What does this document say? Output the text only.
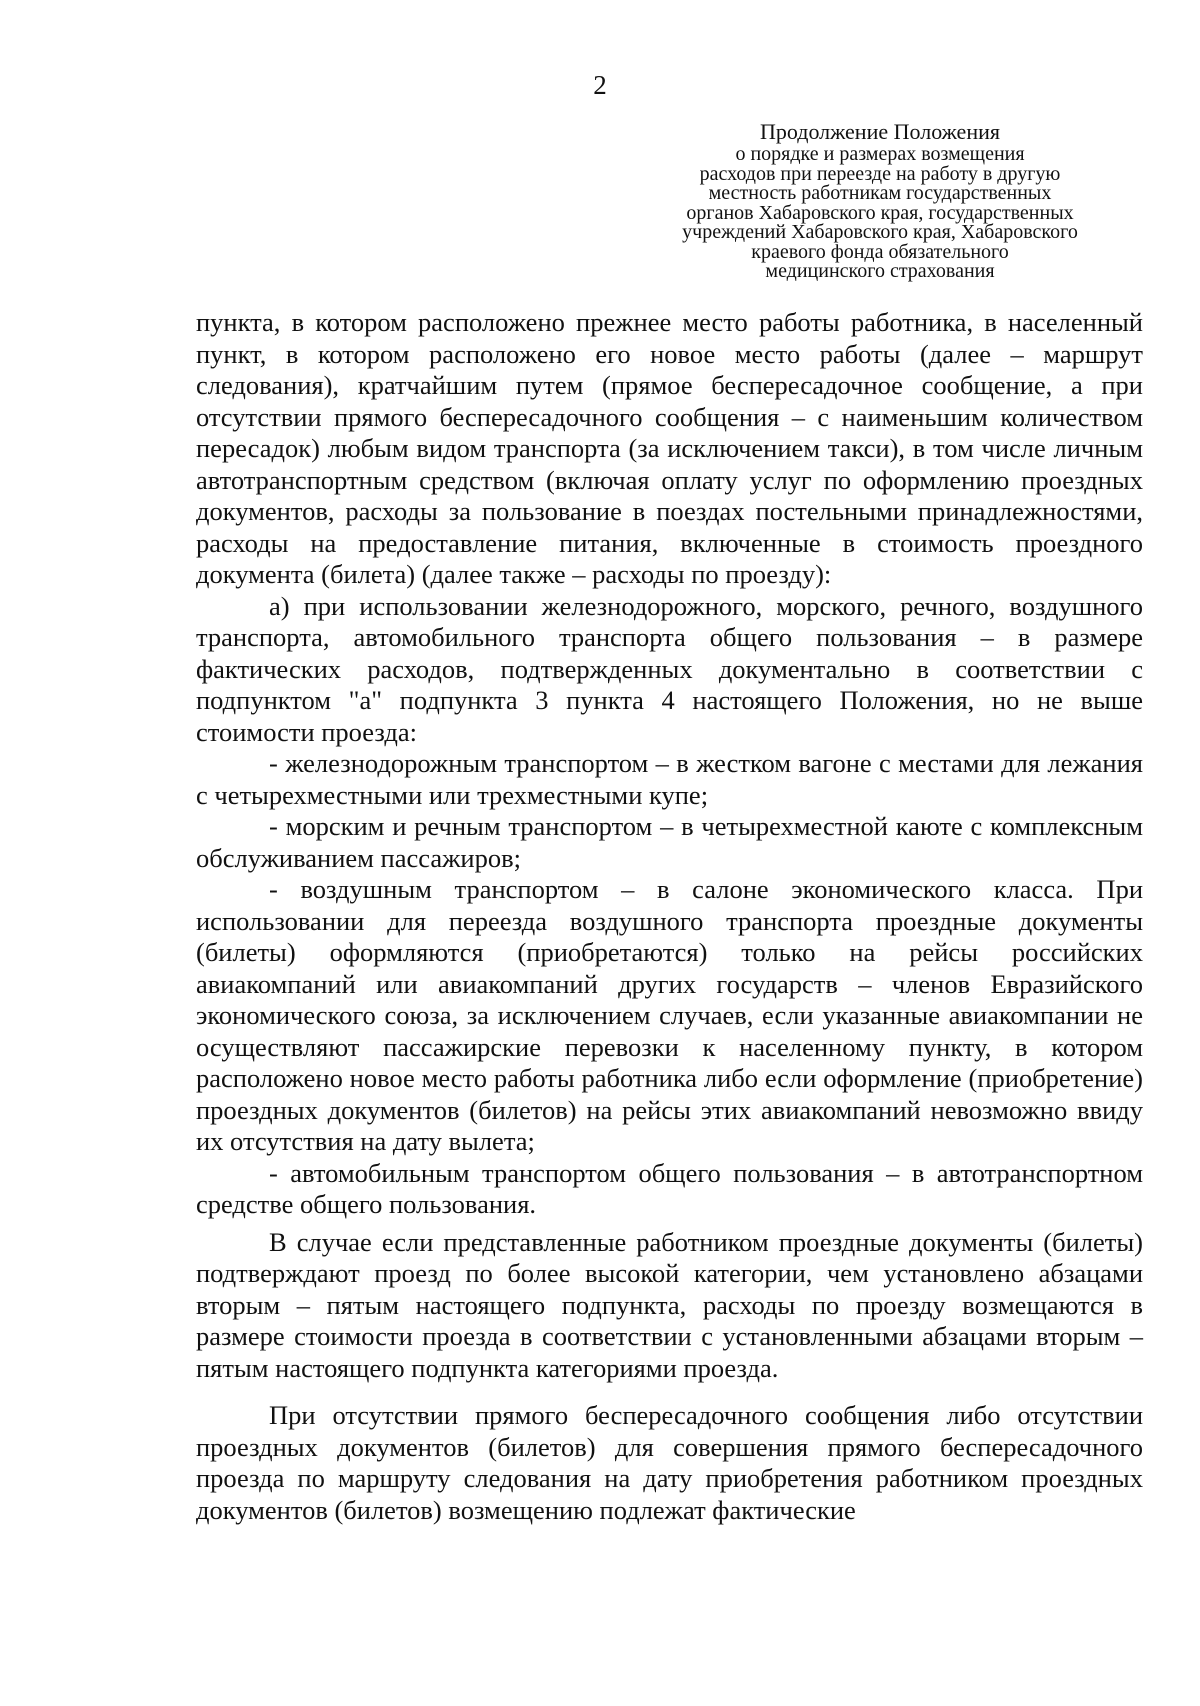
2
Продолжение Положения
о порядке и размерах возмещения
расходов при переезде на работу в другую
местность работникам государственных
органов Хабаровского края, государственных
учреждений Хабаровского края, Хабаровского
краевого фонда обязательного
медицинского страхования

пункта, в котором расположено прежнее место работы работника, в населенный пункт, в котором расположено его новое место работы (далее – маршрут следования), кратчайшим путем (прямое беспересадочное сообщение, а при отсутствии прямого беспересадочного сообщения – с наименьшим количеством пересадок) любым видом транспорта (за исключением такси), в том числе личным автотранспортным средством (включая оплату услуг по оформлению проездных документов, расходы за пользование в поездах постельными принадлежностями, расходы на предоставление питания, включенные в стоимость проездного документа (билета) (далее также – расходы по проезду):

а) при использовании железнодорожного, морского, речного, воздушного транспорта, автомобильного транспорта общего пользования – в размере фактических расходов, подтвержденных документально в соответствии с подпунктом "а" подпункта 3 пункта 4 настоящего Положения, но не выше стоимости проезда:

- железнодорожным транспортом – в жестком вагоне с местами для лежания с четырехместными или трехместными купе;

- морским и речным транспортом – в четырехместной каюте с комплексным обслуживанием пассажиров;

- воздушным транспортом – в салоне экономического класса. При использовании для переезда воздушного транспорта проездные документы (билеты) оформляются (приобретаются) только на рейсы российских авиакомпаний или авиакомпаний других государств – членов Евразийского экономического союза, за исключением случаев, если указанные авиакомпании не осуществляют пассажирские перевозки к населенному пункту, в котором расположено новое место работы работника либо если оформление (приобретение) проездных документов (билетов) на рейсы этих авиакомпаний невозможно ввиду их отсутствия на дату вылета;

- автомобильным транспортом общего пользования – в автотранспортном средстве общего пользования.

В случае если представленные работником проездные документы (билеты) подтверждают проезд по более высокой категории, чем установлено абзацами вторым – пятым настоящего подпункта, расходы по проезду возмещаются в размере стоимости проезда в соответствии с установленными абзацами вторым – пятым настоящего подпункта категориями проезда.

При отсутствии прямого беспересадочного сообщения либо отсутствии проездных документов (билетов) для совершения прямого беспересадочного проезда по маршруту следования на дату приобретения работником проездных документов (билетов) возмещению подлежат фактические
